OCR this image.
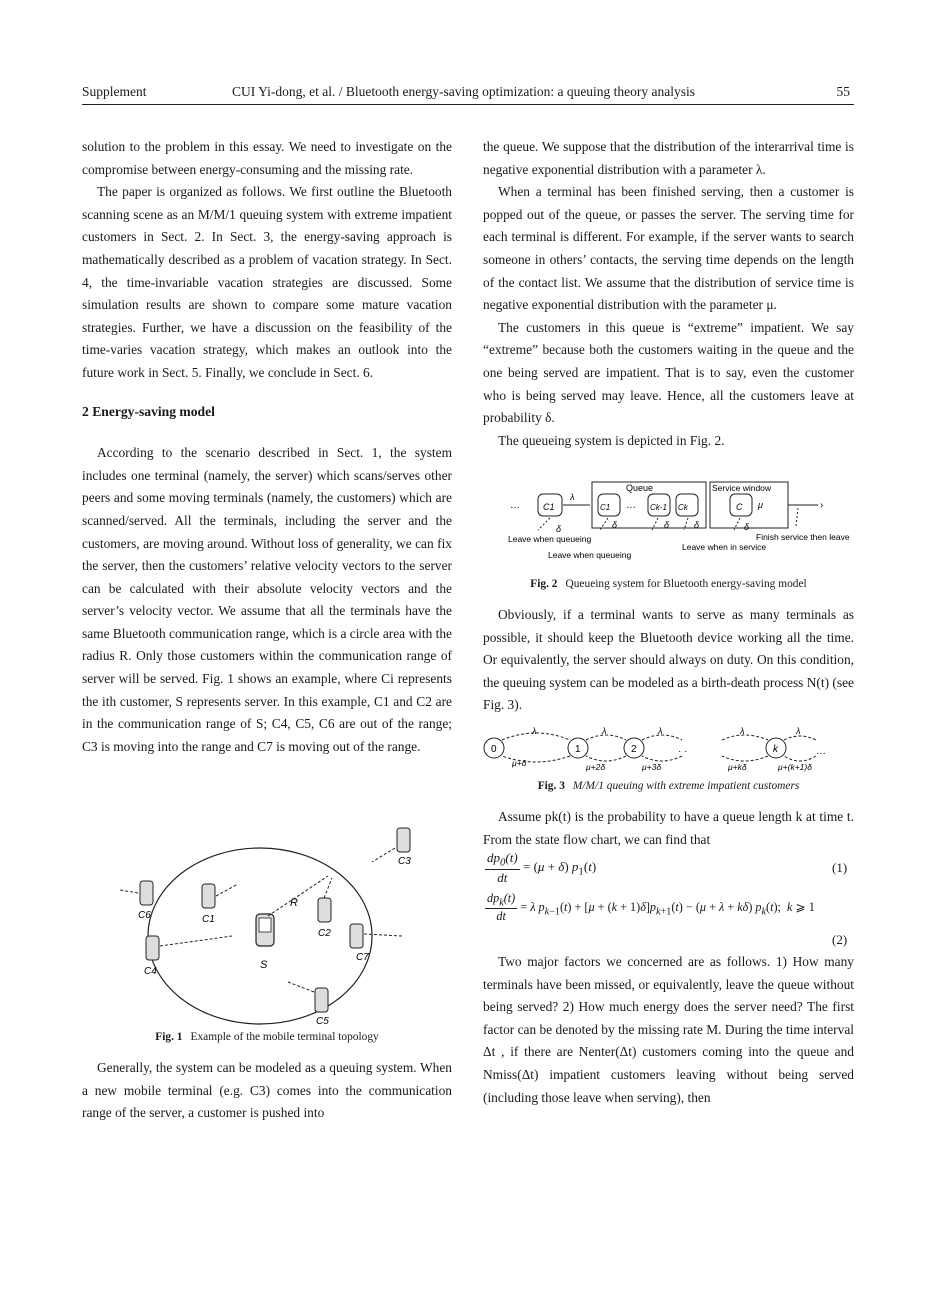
Supplement	CUI Yi-dong, et al. / Bluetooth energy-saving optimization: a queuing theory analysis	55

solution to the problem in this essay. We need to investigate on the compromise between energy-consuming and the missing rate.

The paper is organized as follows. We first outline the Bluetooth scanning scene as an M/M/1 queuing system with extreme impatient customers in Sect. 2. In Sect. 3, the energy-saving approach is mathematically described as a problem of vacation strategy. In Sect. 4, the time-invariable vacation strategies are discussed. Some simulation results are shown to compare some mature vacation strategies. Further, we have a discussion on the feasibility of the time-varies vacation strategy, which makes an outlook into the future work in Sect. 5. Finally, we conclude in Sect. 6.

2 Energy-saving model

According to the scenario described in Sect. 1, the system includes one terminal (namely, the server) which scans/serves other peers and some moving terminals (namely, the customers) which are scanned/served. All the terminals, including the server and the customers, are moving around. Without loss of generality, we can fix the server, then the customers’ relative velocity vectors to the server can be calculated with their absolute velocity vectors and the server’s velocity vector. We assume that all the terminals have the same Bluetooth communication range, which is a circle area with the radius R. Only those customers within the communication range of server will be served. Fig. 1 shows an example, where Ci represents the ith customer, S represents server. In this example, C1 and C2 are in the communication range of S; C4, C5, C6 are out of the range; C3 is moving into the range and C7 is moving out of the range.

S
R
C6	C1
C2
C3
C7
C4
C5
Fig. 1 Example of the mobile terminal topology

Generally, the system can be modeled as a queuing system. When a new mobile terminal (e.g. C3) comes into the communication range of the server, a customer is pushed into

the queue. We suppose that the distribution of the interarrival time is negative exponential distribution with a parameter λ.

When a terminal has been finished serving, then a customer is popped out of the queue, or passes the server. The serving time for each terminal is different. For example, if the server wants to search someone in others’ contacts, the serving time depends on the length of the contact list. We assume that the distribution of service time is negative exponential distribution with the parameter μ.

The customers in this queue is “extreme” impatient. We say “extreme” because both the customers waiting in the queue and the one being served are impatient. That is to say, even the customer who is being served may leave. Hence, all the customers leave at probability δ.

The queueing system is depicted in Fig. 2.

…	C1
λ
Queue
C1 … Ck-1 Ck
Service window
C μ	›
δ	δ	δ	δ	δ
Leave when queueing
Leave when queueing
Leave when in service
Finish service then leave
Fig. 2 Queueing system for Bluetooth energy-saving model

Obviously, if a terminal wants to serve as many terminals as possible, it should keep the Bluetooth device working all the time. Or equivalently, the server should always on duty. On this condition, the queuing system can be modeled as a birth-death process N(t) (see Fig. 3).

0	1	2	· ·	k	…
λ	λ	λ	λ	λ
μ+δ	μ+2δ	μ+3δ	μ+kδ	μ+(k+1)δ
Fig. 3 M/M/1 queuing with extreme impatient customers

Assume pk(t) is the probability to have a queue length k at time t. From the state flow chart, we can find that

$\frac{dp_0(t)}{dt} = (\mu + \delta)$ $p_1(t)$	(1)
$\frac{dp_k(t)}{dt} = \lambda$ $p_{k-1}(t) + [\mu + (k + 1)\delta]p_{k+1}(t) - (\mu + \lambda + k\delta)$ $p_k(t)$;  k ⩾ 1
(2)

Two major factors we concerned are as follows. 1) How many terminals have been missed, or equivalently, leave the queue without being served? 2) How much energy does the server need? The first factor can be denoted by the missing rate M. During the time interval Δt , if there are Nenter(Δt) customers coming into the queue and Nmiss(Δt) impatient customers leaving without being served (including those leave when serving), then
